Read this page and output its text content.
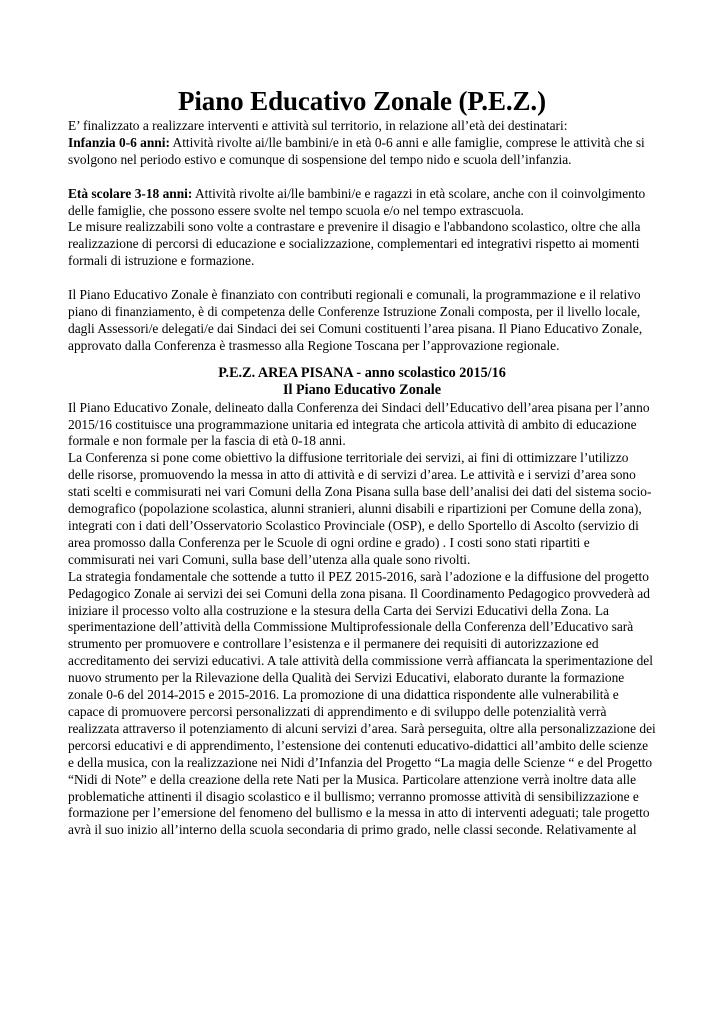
Piano Educativo Zonale (P.E.Z.)

E’ finalizzato a realizzare interventi e attività sul territorio, in relazione all’età dei destinatari:

Infanzia 0-6 anni: Attività rivolte ai/lle bambini/e in età 0-6 anni e alle famiglie, comprese le attività che si svolgono nel periodo estivo e comunque di sospensione del tempo nido e scuola dell’infanzia.

Età scolare 3-18 anni: Attività rivolte ai/lle bambini/e e ragazzi in età scolare, anche con il coinvolgimento delle famiglie, che possono essere svolte nel tempo scuola e/o nel tempo extrascuola.

Le misure realizzabili sono volte a contrastare e prevenire il disagio e l'abbandono scolastico, oltre che alla realizzazione di percorsi di educazione e socializzazione, complementari ed integrativi rispetto ai momenti formali di istruzione e formazione.

Il Piano Educativo Zonale è finanziato con contributi regionali e comunali, la programmazione e il relativo piano di finanziamento, è di competenza delle Conferenze Istruzione Zonali composta, per il livello locale, dagli Assessori/e delegati/e dai Sindaci dei sei Comuni costituenti l’area pisana. Il Piano Educativo Zonale, approvato dalla Conferenza è trasmesso alla Regione Toscana per l’approvazione regionale.

P.E.Z. AREA PISANA - anno scolastico 2015/16

Il Piano Educativo Zonale

Il Piano Educativo Zonale, delineato dalla Conferenza dei Sindaci dell’Educativo dell’area pisana per l’anno 2015/16 costituisce una programmazione unitaria ed integrata che articola attività di ambito di educazione formale e non formale per la fascia di età 0-18 anni.

La Conferenza si pone come obiettivo la diffusione territoriale dei servizi, ai fini di ottimizzare l’utilizzo delle risorse, promuovendo la messa in atto di attività e di servizi d’area. Le attività e i servizi d’area sono stati scelti e commisurati nei vari Comuni della Zona Pisana sulla base dell’analisi dei dati del sistema socio-demografico (popolazione scolastica, alunni stranieri, alunni disabili e ripartizioni per Comune della zona), integrati con i dati dell’Osservatorio Scolastico Provinciale (OSP), e dello Sportello di Ascolto (servizio di area promosso dalla Conferenza per le Scuole di ogni ordine e grado) . I costi sono stati ripartiti e commisurati nei vari Comuni, sulla base dell’utenza alla quale sono rivolti.

La strategia fondamentale che sottende a tutto il PEZ 2015-2016, sarà l’adozione e la diffusione del progetto Pedagogico Zonale ai servizi dei sei Comuni della zona pisana. Il Coordinamento Pedagogico provvederà ad iniziare il processo volto alla costruzione e la stesura della Carta dei Servizi Educativi della Zona. La sperimentazione dell’attività della Commissione Multiprofessionale della Conferenza dell’Educativo sarà strumento per promuovere e controllare l’esistenza e il permanere dei requisiti di autorizzazione ed accreditamento dei servizi educativi. A tale attività della commissione verrà affiancata la sperimentazione del nuovo strumento per la Rilevazione della Qualità dei Servizi Educativi, elaborato durante la formazione zonale 0-6 del 2014-2015 e 2015-2016. La promozione di una didattica rispondente alle vulnerabilità e capace di promuovere percorsi personalizzati di apprendimento e di sviluppo delle potenzialità verrà realizzata attraverso il potenziamento di alcuni servizi d’area. Sarà perseguita, oltre alla personalizzazione dei percorsi educativi e di apprendimento, l’estensione dei contenuti educativo-didattici all’ambito delle scienze e della musica, con la realizzazione nei Nidi d’Infanzia del Progetto “La magia delle Scienze “ e del Progetto “Nidi di Note” e della creazione della rete Nati per la Musica. Particolare attenzione verrà inoltre data alle problematiche attinenti il disagio scolastico e il bullismo; verranno promosse attività di sensibilizzazione e formazione per l’emersione del fenomeno del bullismo e la messa in atto di interventi adeguati; tale progetto avrà il suo inizio all’interno della scuola secondaria di primo grado, nelle classi seconde. Relativamente al
